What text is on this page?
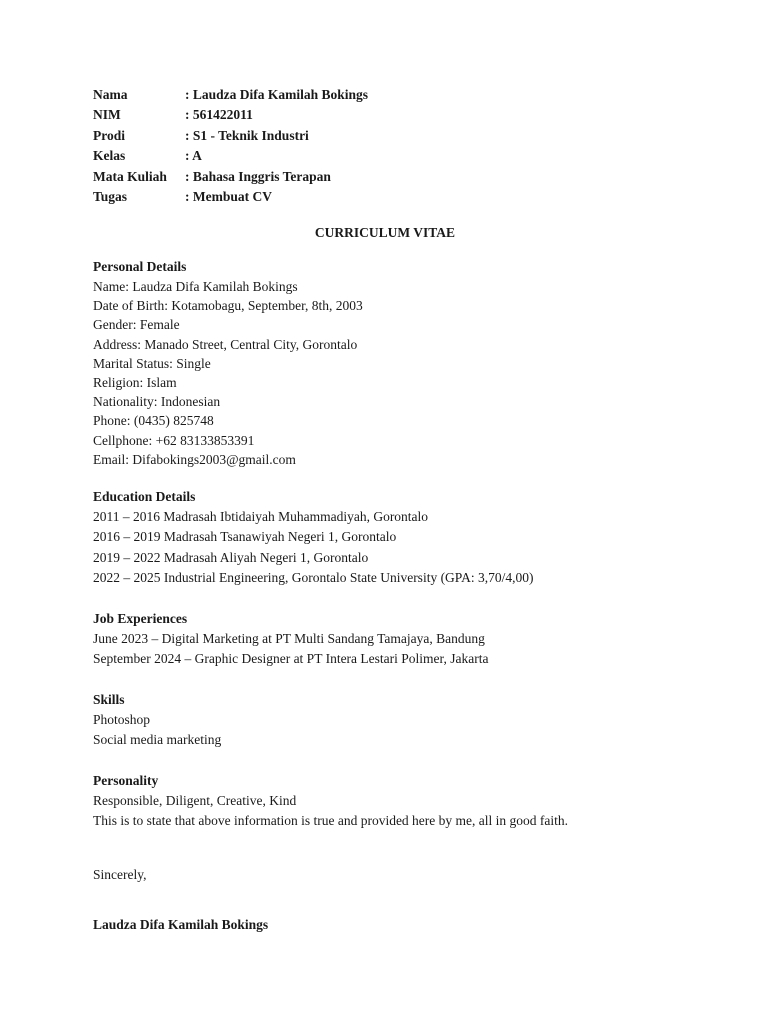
Nama	: Laudza Difa Kamilah Bokings
NIM	: 561422011
Prodi	: S1 - Teknik Industri
Kelas	: A
Mata Kuliah : Bahasa Inggris Terapan
Tugas	: Membuat CV
CURRICULUM VITAE
Personal Details
Name: Laudza Difa Kamilah Bokings
Date of Birth: Kotamobagu, September, 8th, 2003
Gender: Female
Address: Manado Street, Central City, Gorontalo
Marital Status: Single
Religion: Islam
Nationality: Indonesian
Phone: (0435) 825748
Cellphone: +62 83133853391
Email: Difabokings2003@gmail.com
Education Details
2011 – 2016 Madrasah Ibtidaiyah Muhammadiyah, Gorontalo
2016 – 2019 Madrasah Tsanawiyah Negeri 1, Gorontalo
2019 – 2022 Madrasah Aliyah Negeri 1, Gorontalo
2022 – 2025 Industrial Engineering, Gorontalo State University (GPA: 3,70/4,00)
Job Experiences
June 2023 – Digital Marketing at PT Multi Sandang Tamajaya, Bandung
September 2024 – Graphic Designer at PT Intera Lestari Polimer, Jakarta
Skills
Photoshop
Social media marketing
Personality
Responsible, Diligent, Creative, Kind
This is to state that above information is true and provided here by me, all in good faith.
Sincerely,
Laudza Difa Kamilah Bokings
